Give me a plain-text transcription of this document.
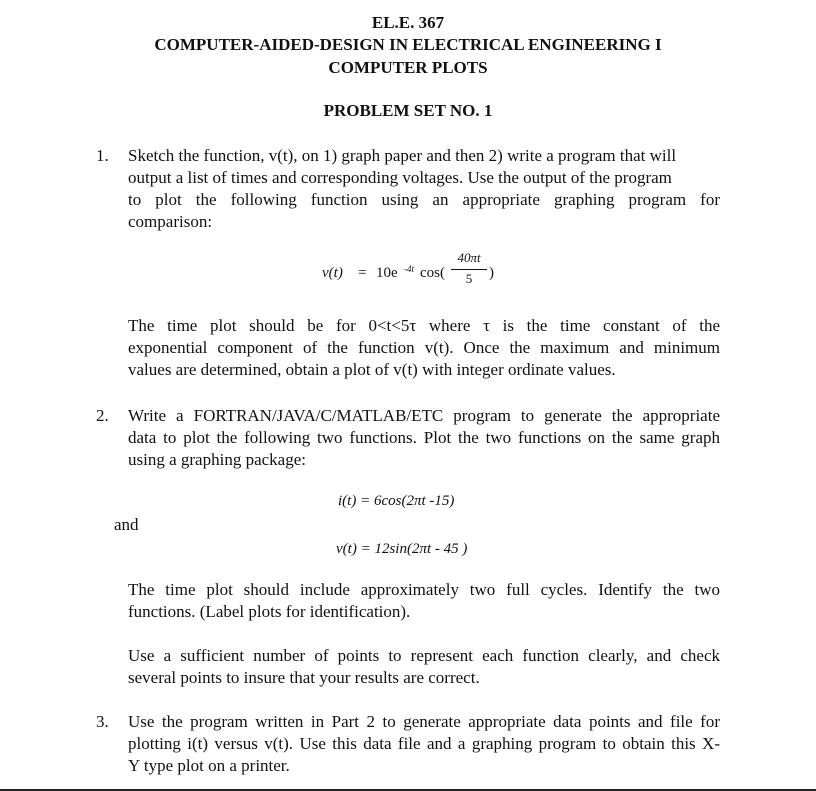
EL.E. 367
COMPUTER-AIDED-DESIGN IN ELECTRICAL ENGINEERING I
COMPUTER PLOTS
PROBLEM SET NO. 1
1. Sketch the function, v(t), on 1) graph paper and then 2) write a program that will
output a list of times and corresponding voltages. Use the output of the program
to plot the following function using an appropriate graphing program for
comparison:
v(t) = 10e -4t cos(
40πt
5	)
The time plot should be for 0<t<5τ where τ is the time constant of the
exponential component of the function v(t). Once the maximum and minimum
values are determined, obtain a plot of v(t) with integer ordinate values.
2. Write a FORTRAN/JAVA/C/MATLAB/ETC program to generate the appropriate
data to plot the following two functions. Plot the two functions on the same graph
using a graphing package:
i(t) = 6cos(2πt -15)
and
v(t) = 12sin(2πt - 45 )
The time plot should include approximately two full cycles. Identify the two
functions. (Label plots for identification).
Use a sufficient number of points to represent each function clearly, and check
several points to insure that your results are correct.
3. Use the program written in Part 2 to generate appropriate data points and file for
plotting i(t) versus v(t). Use this data file and a graphing program to obtain this X-
Y type plot on a printer.
